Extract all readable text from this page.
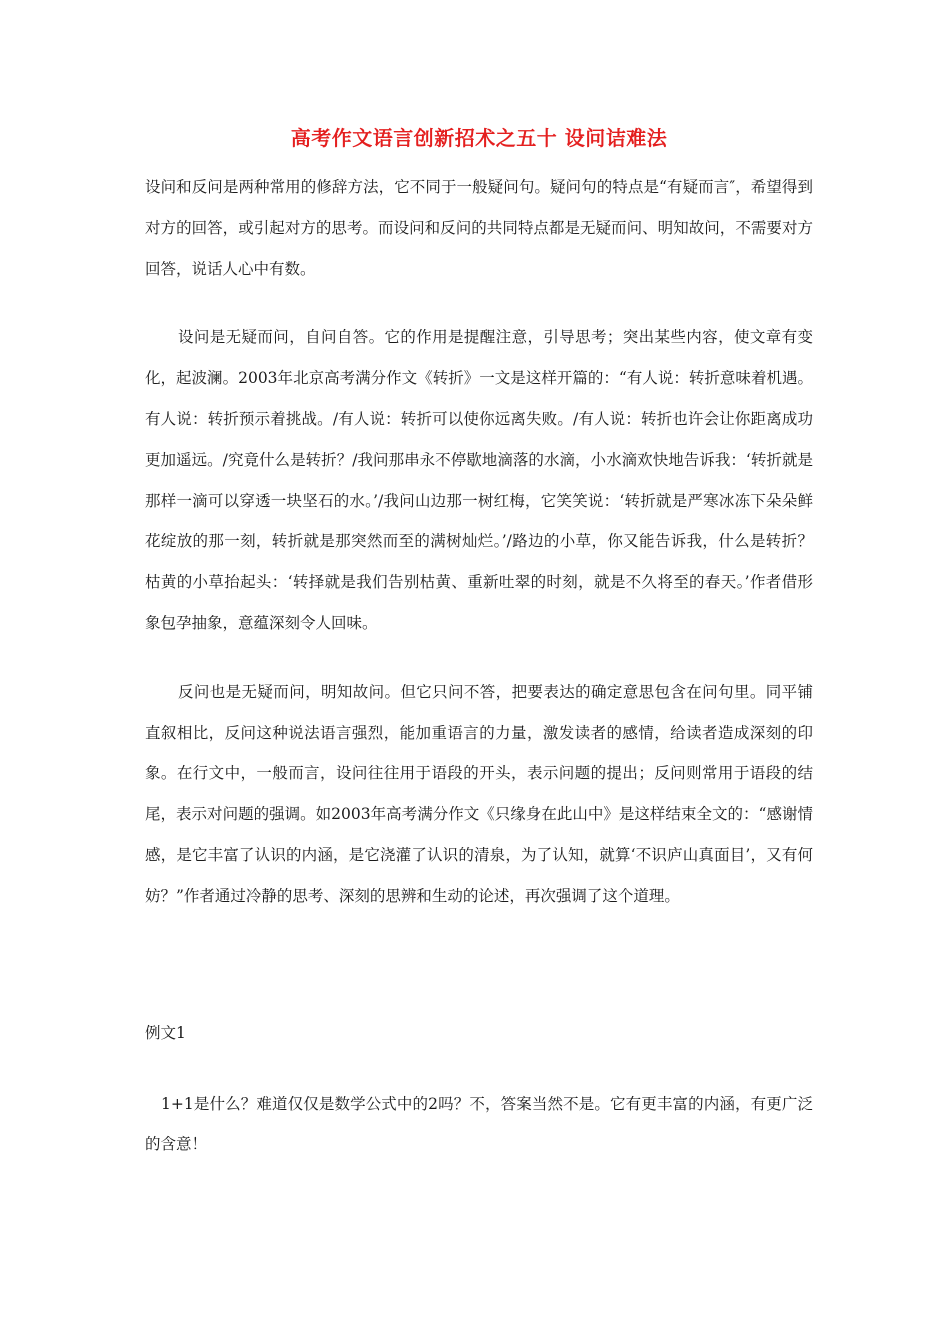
高考作文语言创新招术之五十 设问诘难法

设问和反问是两种常用的修辞方法，它不同于一般疑问句。疑问句的特点是“有疑而言″，希望得到对方的回答，或引起对方的思考。而设问和反问的共同特点都是无疑而问、明知故问，不需要对方回答，说话人心中有数。

设问是无疑而问，自问自答。它的作用是提醒注意，引导思考；突出某些内容，使文章有变化，起波澜。2003年北京高考满分作文《转折》一文是这样开篇的：“有人说：转折意味着机遇。有人说：转折预示着挑战。/有人说：转折可以使你远离失败。/有人说：转折也许会让你距离成功更加遥远。/究竟什么是转折？/我问那串永不停歇地滴落的水滴，小水滴欢快地告诉我：‘转折就是那样一滴可以穿透一块坚石的水。’/我问山边那一树红梅，它笑笑说：‘转折就是严寒冰冻下朵朵鲜花绽放的那一刻，转折就是那突然而至的满树灿烂。’/路边的小草，你又能告诉我，什么是转折？枯黄的小草抬起头：‘转择就是我们告别枯黄、重新吐翠的时刻，就是不久将至的春天。’作者借形象包孕抽象，意蕴深刻令人回味。

反问也是无疑而问，明知故问。但它只问不答，把要表达的确定意思包含在问句里。同平铺直叙相比，反问这种说法语言强烈，能加重语言的力量，激发读者的感情，给读者造成深刻的印象。在行文中，一般而言，设问往往用于语段的开头，表示问题的提出；反问则常用于语段的结尾，表示对问题的强调。如2003年高考满分作文《只缘身在此山中》是这样结束全文的：“感谢情感，是它丰富了认识的内涵，是它浇灌了认识的清泉，为了认知，就算‘不识庐山真面目’，又有何妨？”作者通过冷静的思考、深刻的思辨和生动的论述，再次强调了这个道理。

例文1

1+1是什么？难道仅仅是数学公式中的2吗？不，答案当然不是。它有更丰富的内涵，有更广泛的含意！
